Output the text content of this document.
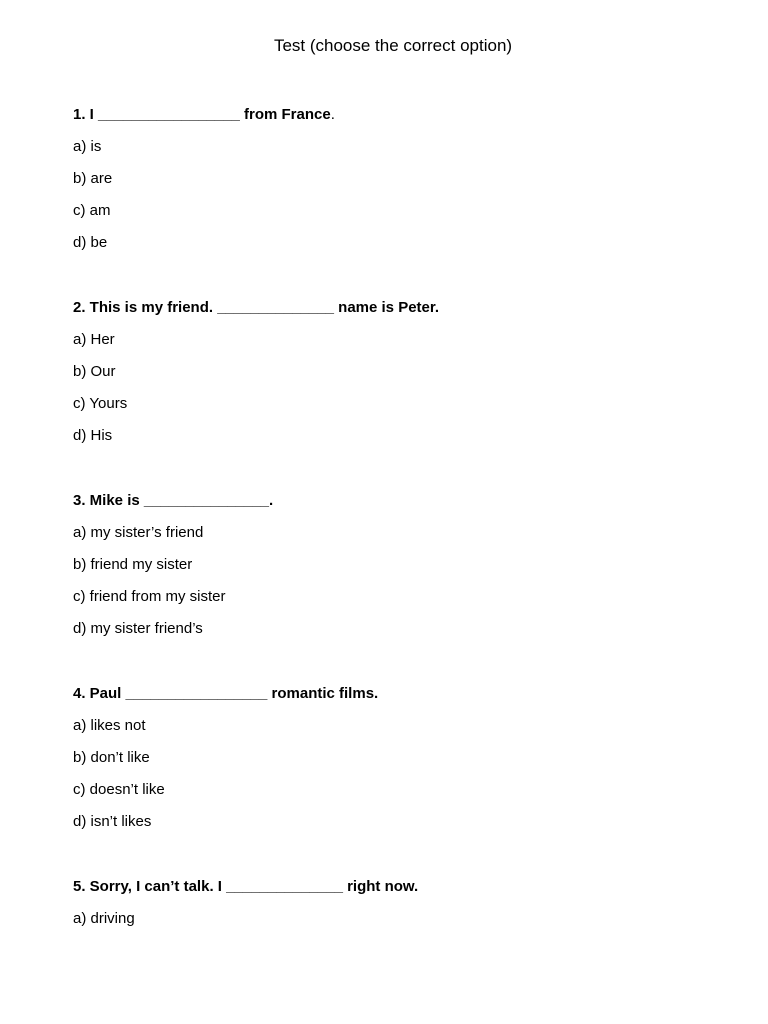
Test (choose the correct option)

1. I _________________ from France.

a) is

b) are

c) am

d) be

2. This is my friend. ______________ name is Peter.

a) Her

b) Our

c) Yours

d) His

3. Mike is _______________.

a) my sister’s friend

b) friend my sister

c) friend from my sister

d) my sister friend’s

4. Paul _________________ romantic films.

a) likes not

b) don’t like

c) doesn’t like

d) isn’t likes

5. Sorry, I can’t talk. I ______________ right now.

a) driving
